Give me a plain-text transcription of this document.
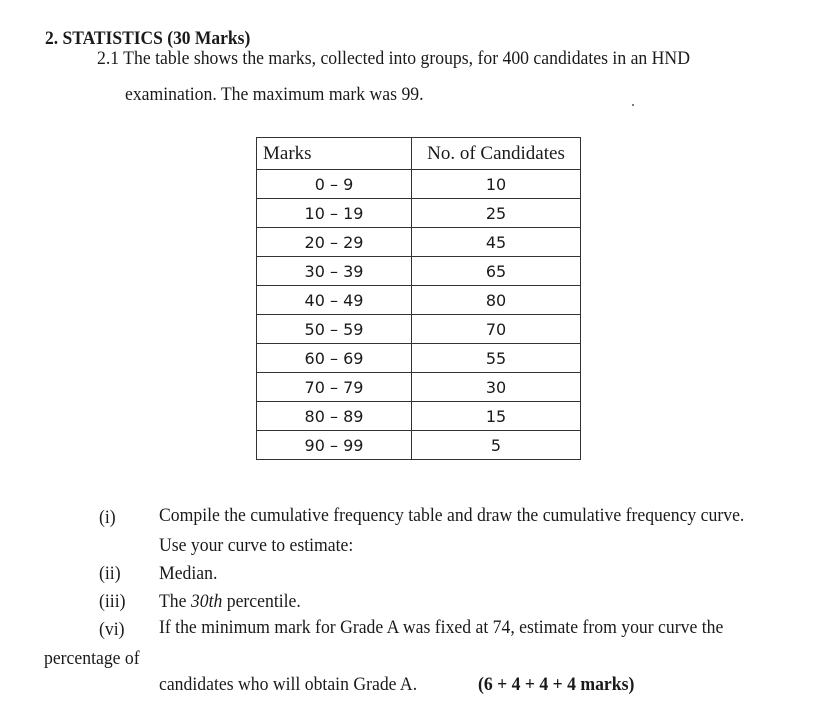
2. STATISTICS (30 Marks)
2.1 The table shows the marks, collected into groups, for 400 candidates in an HND
examination. The maximum mark was 99.
Marks	No. of Candidates
0 – 9	10
10 – 19	25
20 – 29	45
30 – 39	65
40 – 49	80
50 – 59	70
60 – 69	55
70 – 79	30
80 – 89	15
90 – 99	5
(i) Compile the cumulative frequency table and draw the cumulative frequency curve.
Use your curve to estimate:
(ii) Median.
(iii) The 30th percentile.
(vi) If the minimum mark for Grade A was fixed at 74, estimate from your curve the
percentage of
candidates who will obtain Grade A.	(6 + 4 + 4 + 4 marks)
